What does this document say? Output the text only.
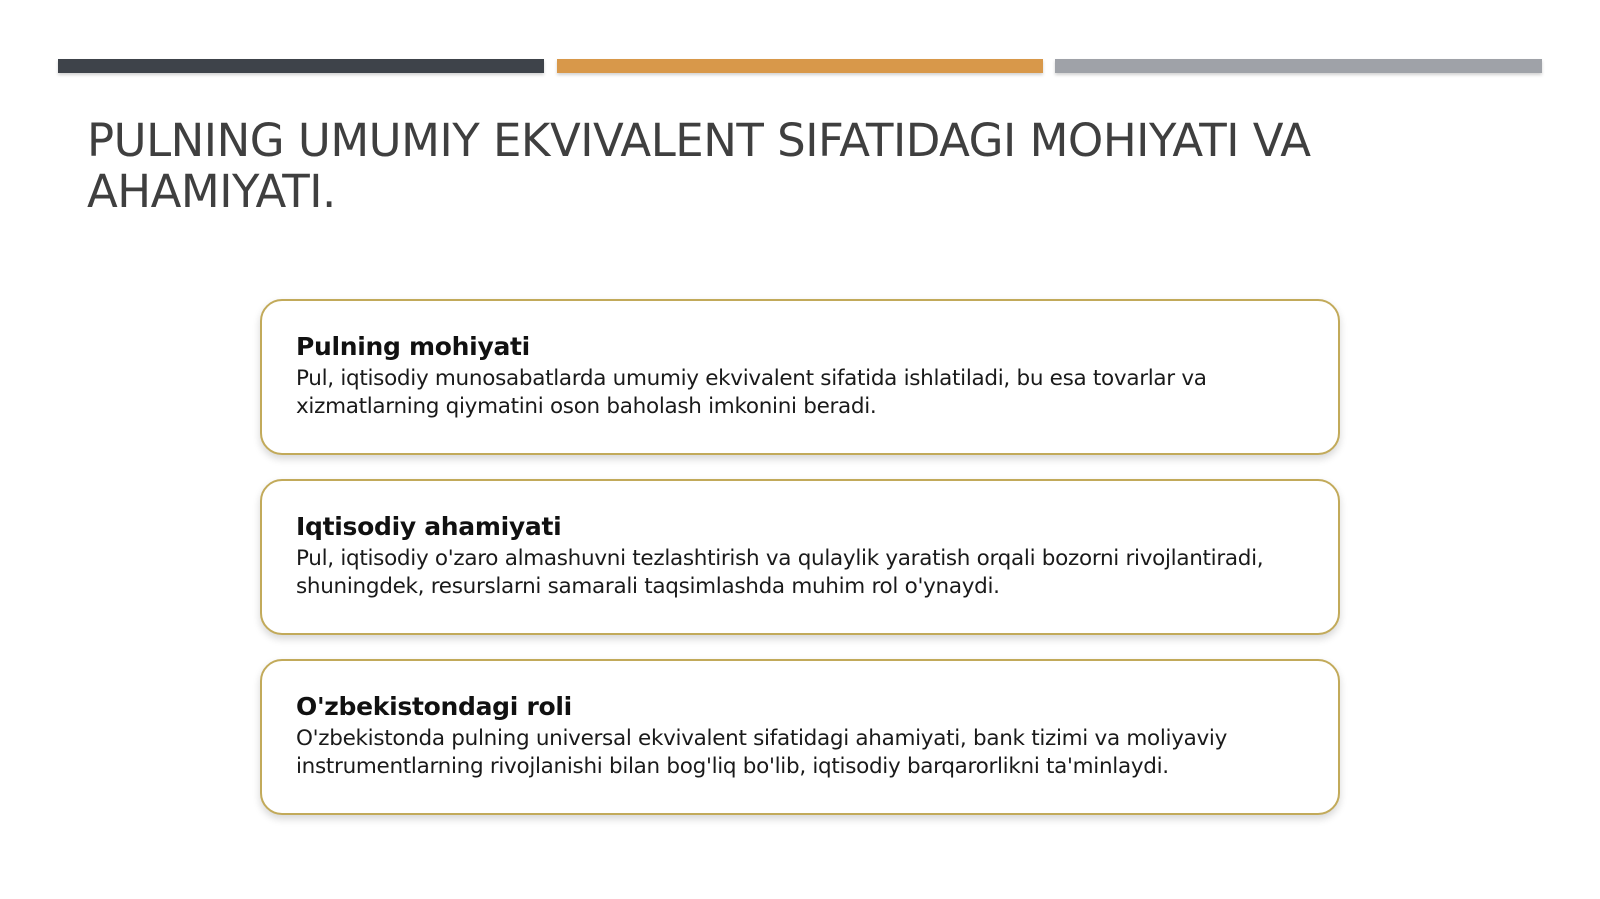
PULNING UMUMIY EKVIVALENT SIFATIDAGI MOHIYATI VA AHAMIYATI.
Pulning mohiyati

Pul, iqtisodiy munosabatlarda umumiy ekvivalent sifatida ishlatiladi, bu esa tovarlar va xizmatlarning qiymatini oson baholash imkonini beradi.

Iqtisodiy ahamiyati

Pul, iqtisodiy o'zaro almashuvni tezlashtirish va qulaylik yaratish orqali bozorni rivojlantiradi, shuningdek, resurslarni samarali taqsimlashda muhim rol o'ynaydi.

O'zbekistondagi roli

O'zbekistonda pulning universal ekvivalent sifatidagi ahamiyati, bank tizimi va moliyaviy instrumentlarning rivojlanishi bilan bog'liq bo'lib, iqtisodiy barqarorlikni ta'minlaydi.
